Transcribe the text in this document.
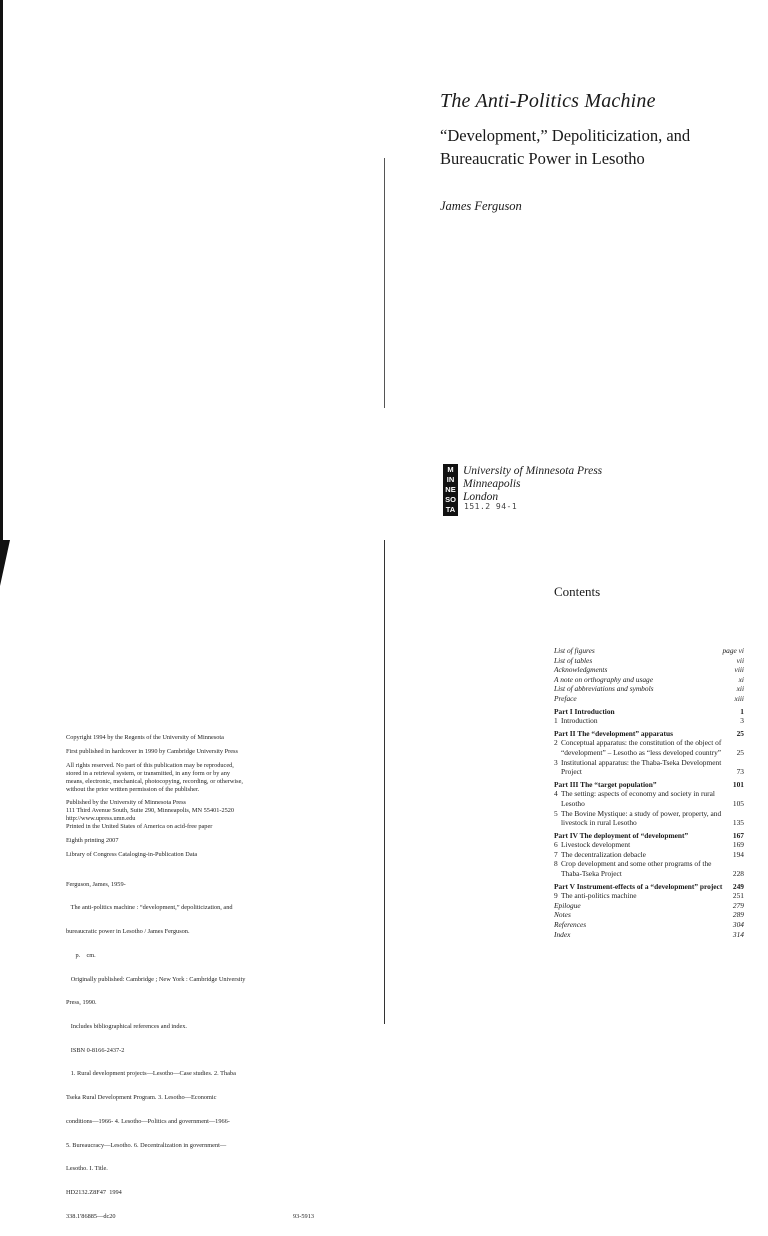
The Anti-Politics Machine
“Development,” Depoliticization, and
Bureaucratic Power in Lesotho
James Ferguson
M
IN
NE
SO
TA
University of Minnesota Press
Minneapolis
London
151.2 94-1
Contents
List of figures	page vi
List of tables	vii
Acknowledgments	viii
A note on orthography and usage	xi
List of abbreviations and symbols	xii
Preface	xiii
Part I Introduction	1
1 Introduction	3
Part II The “development” apparatus	25
2 Conceptual apparatus: the constitution of the object of “development” – Lesotho as “less developed country”	25
3 Institutional apparatus: the Thaba-Tseka Development Project	73
Part III The “target population”	101
4 The setting: aspects of economy and society in rural Lesotho	105
5 The Bovine Mystique: a study of power, property, and livestock in rural Lesotho	135
Part IV The deployment of “development”	167
6 Livestock development	169
7 The decentralization debacle	194
8 Crop development and some other programs of the Thaba-Tseka Project	228
Part V Instrument-effects of a “development” project	249
9 The anti-politics machine	251
Epilogue	279
Notes	289
References	304
Index	314
Copyright 1994 by the Regents of the University of Minnesota
First published in hardcover in 1990 by Cambridge University Press
All rights reserved. No part of this publication may be reproduced,
stored in a retrieval system, or transmitted, in any form or by any
means, electronic, mechanical, photocopying, recording, or otherwise,
without the prior written permission of the publisher.
Published by the University of Minnesota Press
111 Third Avenue South, Suite 290, Minneapolis, MN 55401-2520
http://www.upress.umn.edu
Printed in the United States of America on acid-free paper
Eighth printing 2007
Library of Congress Cataloging-in-Publication Data

Ferguson, James, 1959-

The anti-politics machine : “development,” depoliticization, and

bureaucratic power in Lesotho / James Ferguson.

p.    cm.

Originally published: Cambridge ; New York : Cambridge University

Press, 1990.

Includes bibliographical references and index.

ISBN 0-8166-2437-2

1. Rural development projects—Lesotho—Case studies. 2. Thaba

Tseka Rural Development Program. 3. Lesotho—Economic

conditions—1966- 4. Lesotho—Politics and government—1966-

5. Bureaucracy—Lesotho. 6. Decentralization in government—

Lesotho. I. Title.

HD2132.Z8F47  1994

338.1'86885—dc20	93-5913
